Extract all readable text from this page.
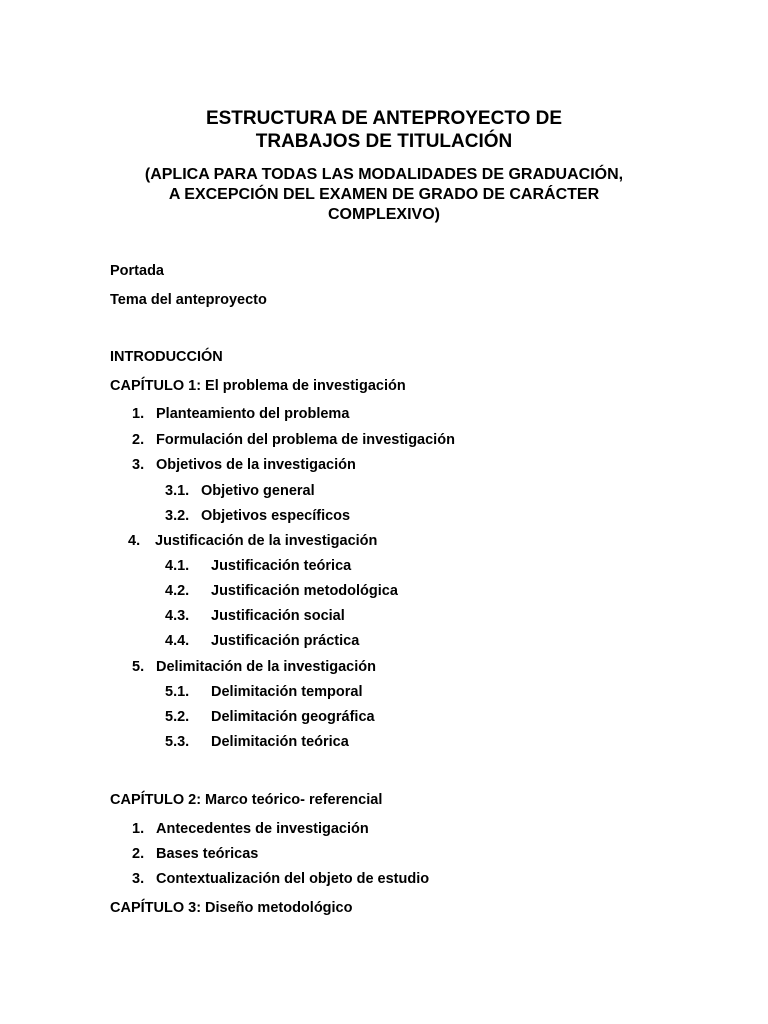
ESTRUCTURA DE ANTEPROYECTO DE
TRABAJOS DE TITULACIÓN
(APLICA PARA TODAS LAS MODALIDADES DE GRADUACIÓN,
A EXCEPCIÓN DEL EXAMEN DE GRADO DE CARÁCTER
COMPLEXIVO)
Portada
Tema del anteproyecto
INTRODUCCIÓN
CAPÍTULO 1: El problema de investigación
1. Planteamiento del problema
2. Formulación del problema de investigación
3. Objetivos de la investigación
3.1. Objetivo general
3.2. Objetivos específicos
4. Justificación de la investigación
4.1. Justificación teórica
4.2. Justificación metodológica
4.3. Justificación social
4.4. Justificación práctica
5. Delimitación de la investigación
5.1. Delimitación temporal
5.2. Delimitación geográfica
5.3. Delimitación teórica
CAPÍTULO 2: Marco teórico- referencial
1. Antecedentes de investigación
2. Bases teóricas
3. Contextualización del objeto de estudio
CAPÍTULO 3: Diseño metodológico
